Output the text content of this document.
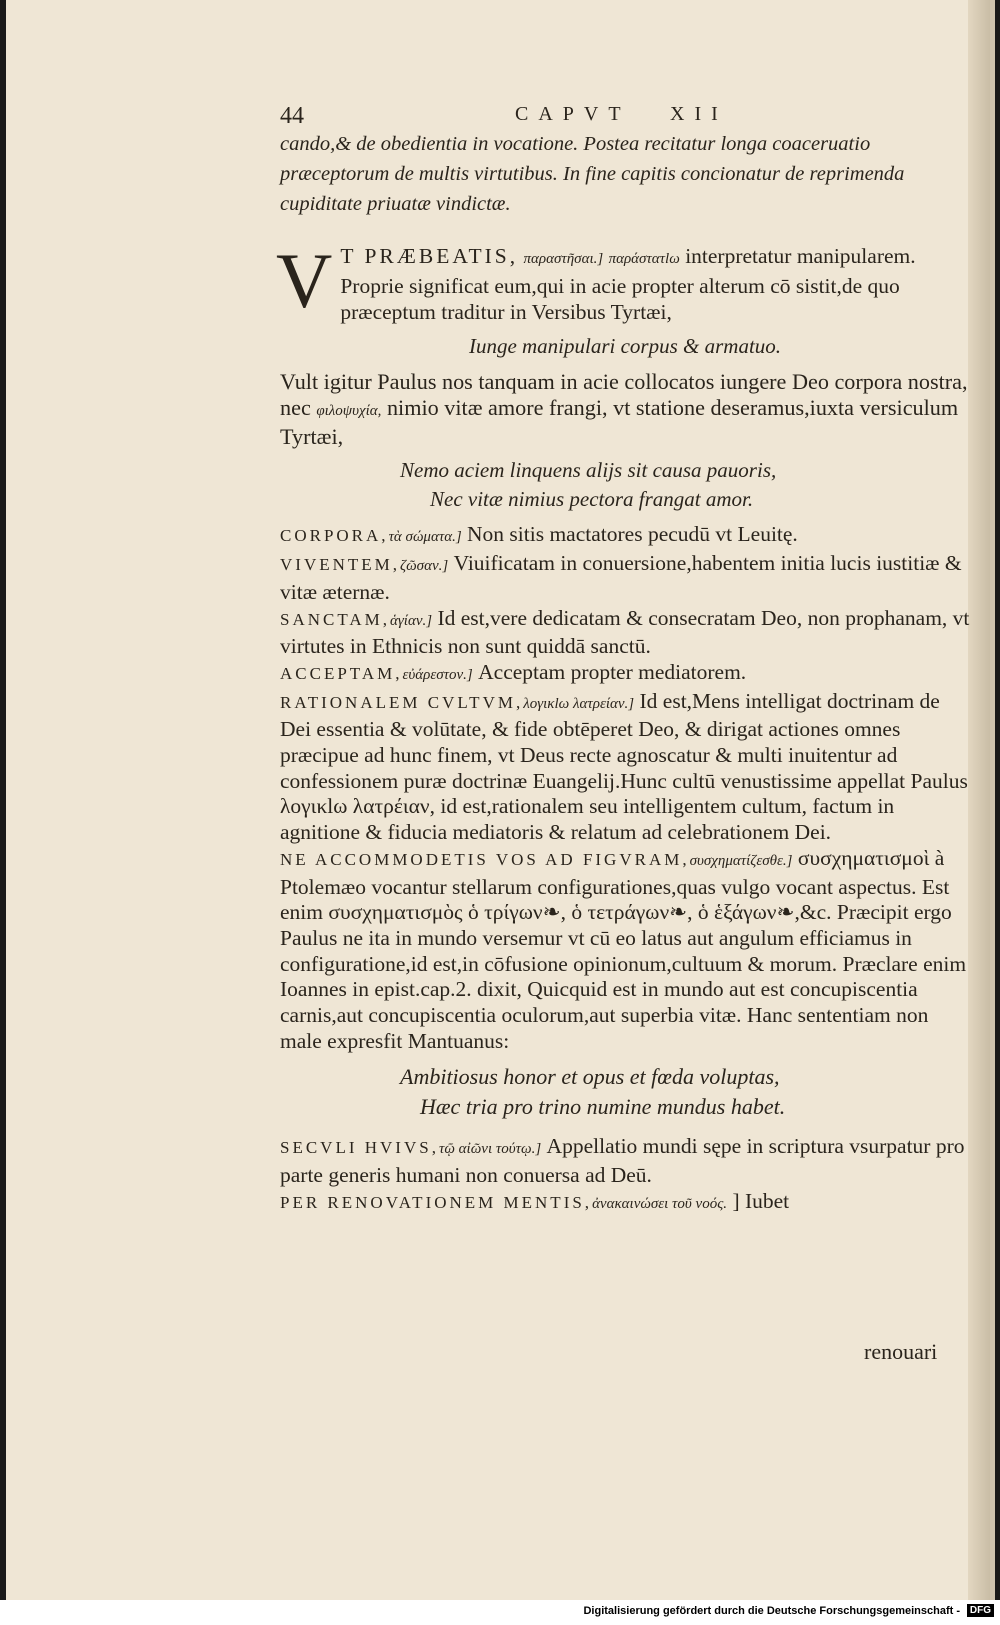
44	CAPVT XII

cando,& de obedientia in vocatione. Postea recitatur longa coaceruatio præceptorum de multis virtutibus. In fine capitis concionatur de reprimenda cupiditate priuatæ vindictæ.

V T PRÆBEATIS, παραστῆσαι.] παράστατlω interpretatur manipularem. Proprie significat eum,qui in acie propter alterum cō sistit,de quo præceptum traditur in Versibus Tyrtæi,

Iunge manipulari corpus & armatuo.

Vult igitur Paulus nos tanquam in acie collocatos iungere Deo corpora nostra, nec φιλοψυχία, nimio vitæ amore frangi, vt statione deseramus,iuxta versiculum Tyrtæi,

Nemo aciem linquens alijs sit causa pauoris,
Nec vitæ nimius pectora frangat amor.

CORPORA,τὰ σώματα.] Non sitis mactatores pecudū vt Leuitę.

VIVENTEM,ζῶσαν.] Viuificatam in conuersione,habentem initia lucis iustitiæ & vitæ æternæ.

SANCTAM,ἁγίαν.] Id est,vere dedicatam & consecratam Deo, non prophanam, vt virtutes in Ethnicis non sunt quiddā sanctū.

ACCEPTAM,εὐάρεστον.] Acceptam propter mediatorem.

RATIONALEM CVLTVM,λογικlω λατρείαν.] Id est,Mens intelligat doctrinam de Dei essentia & volūtate, & fide obtēperet Deo, & dirigat actiones omnes præcipue ad hunc finem, vt Deus recte agnoscatur & multi inuitentur ad confessionem puræ doctrinæ Euangelij.Hunc cultū venustissime appellat Paulus λογικlω λατρέιαν, id est,rationalem seu intelligentem cultum, factum in agnitione & fiducia mediatoris & relatum ad celebrationem Dei.

NE ACCOMMODETIS VOS AD FIGVRAM,συσχηματίζεσθε.] συσχηματισμοὶ à Ptolemæo vocantur stellarum configurationes,quas vulgo vocant aspectus. Est enim συσχηματισμὸς ὁ τρίγων❧, ὁ τετράγων❧, ὁ ἑξάγων❧,&c. Præcipit ergo Paulus ne ita in mundo versemur vt cū eo latus aut angulum efficiamus in configuratione,id est,in cōfusione opinionum,cultuum & morum. Præclare enim Ioannes in epist.cap.2. dixit, Quicquid est in mundo aut est concupiscentia carnis,aut concupiscentia oculorum,aut superbia vitæ. Hanc sententiam non male expresfit Mantuanus:

Ambitiosus honor et opus et fœda voluptas,
Hæc tria pro trino numine mundus habet.

SECVLI HVIVS,τῷ αἰῶνι τούτῳ.] Appellatio mundi sępe in scriptura vsurpatur pro parte generis humani non conuersa ad Deū.

PER RENOVATIONEM MENTIS,ἀνακαινώσει τοῦ νοός. ] Iubet

renouari
Digitalisierung gefördert durch die Deutsche Forschungsgemeinschaft - DFG
